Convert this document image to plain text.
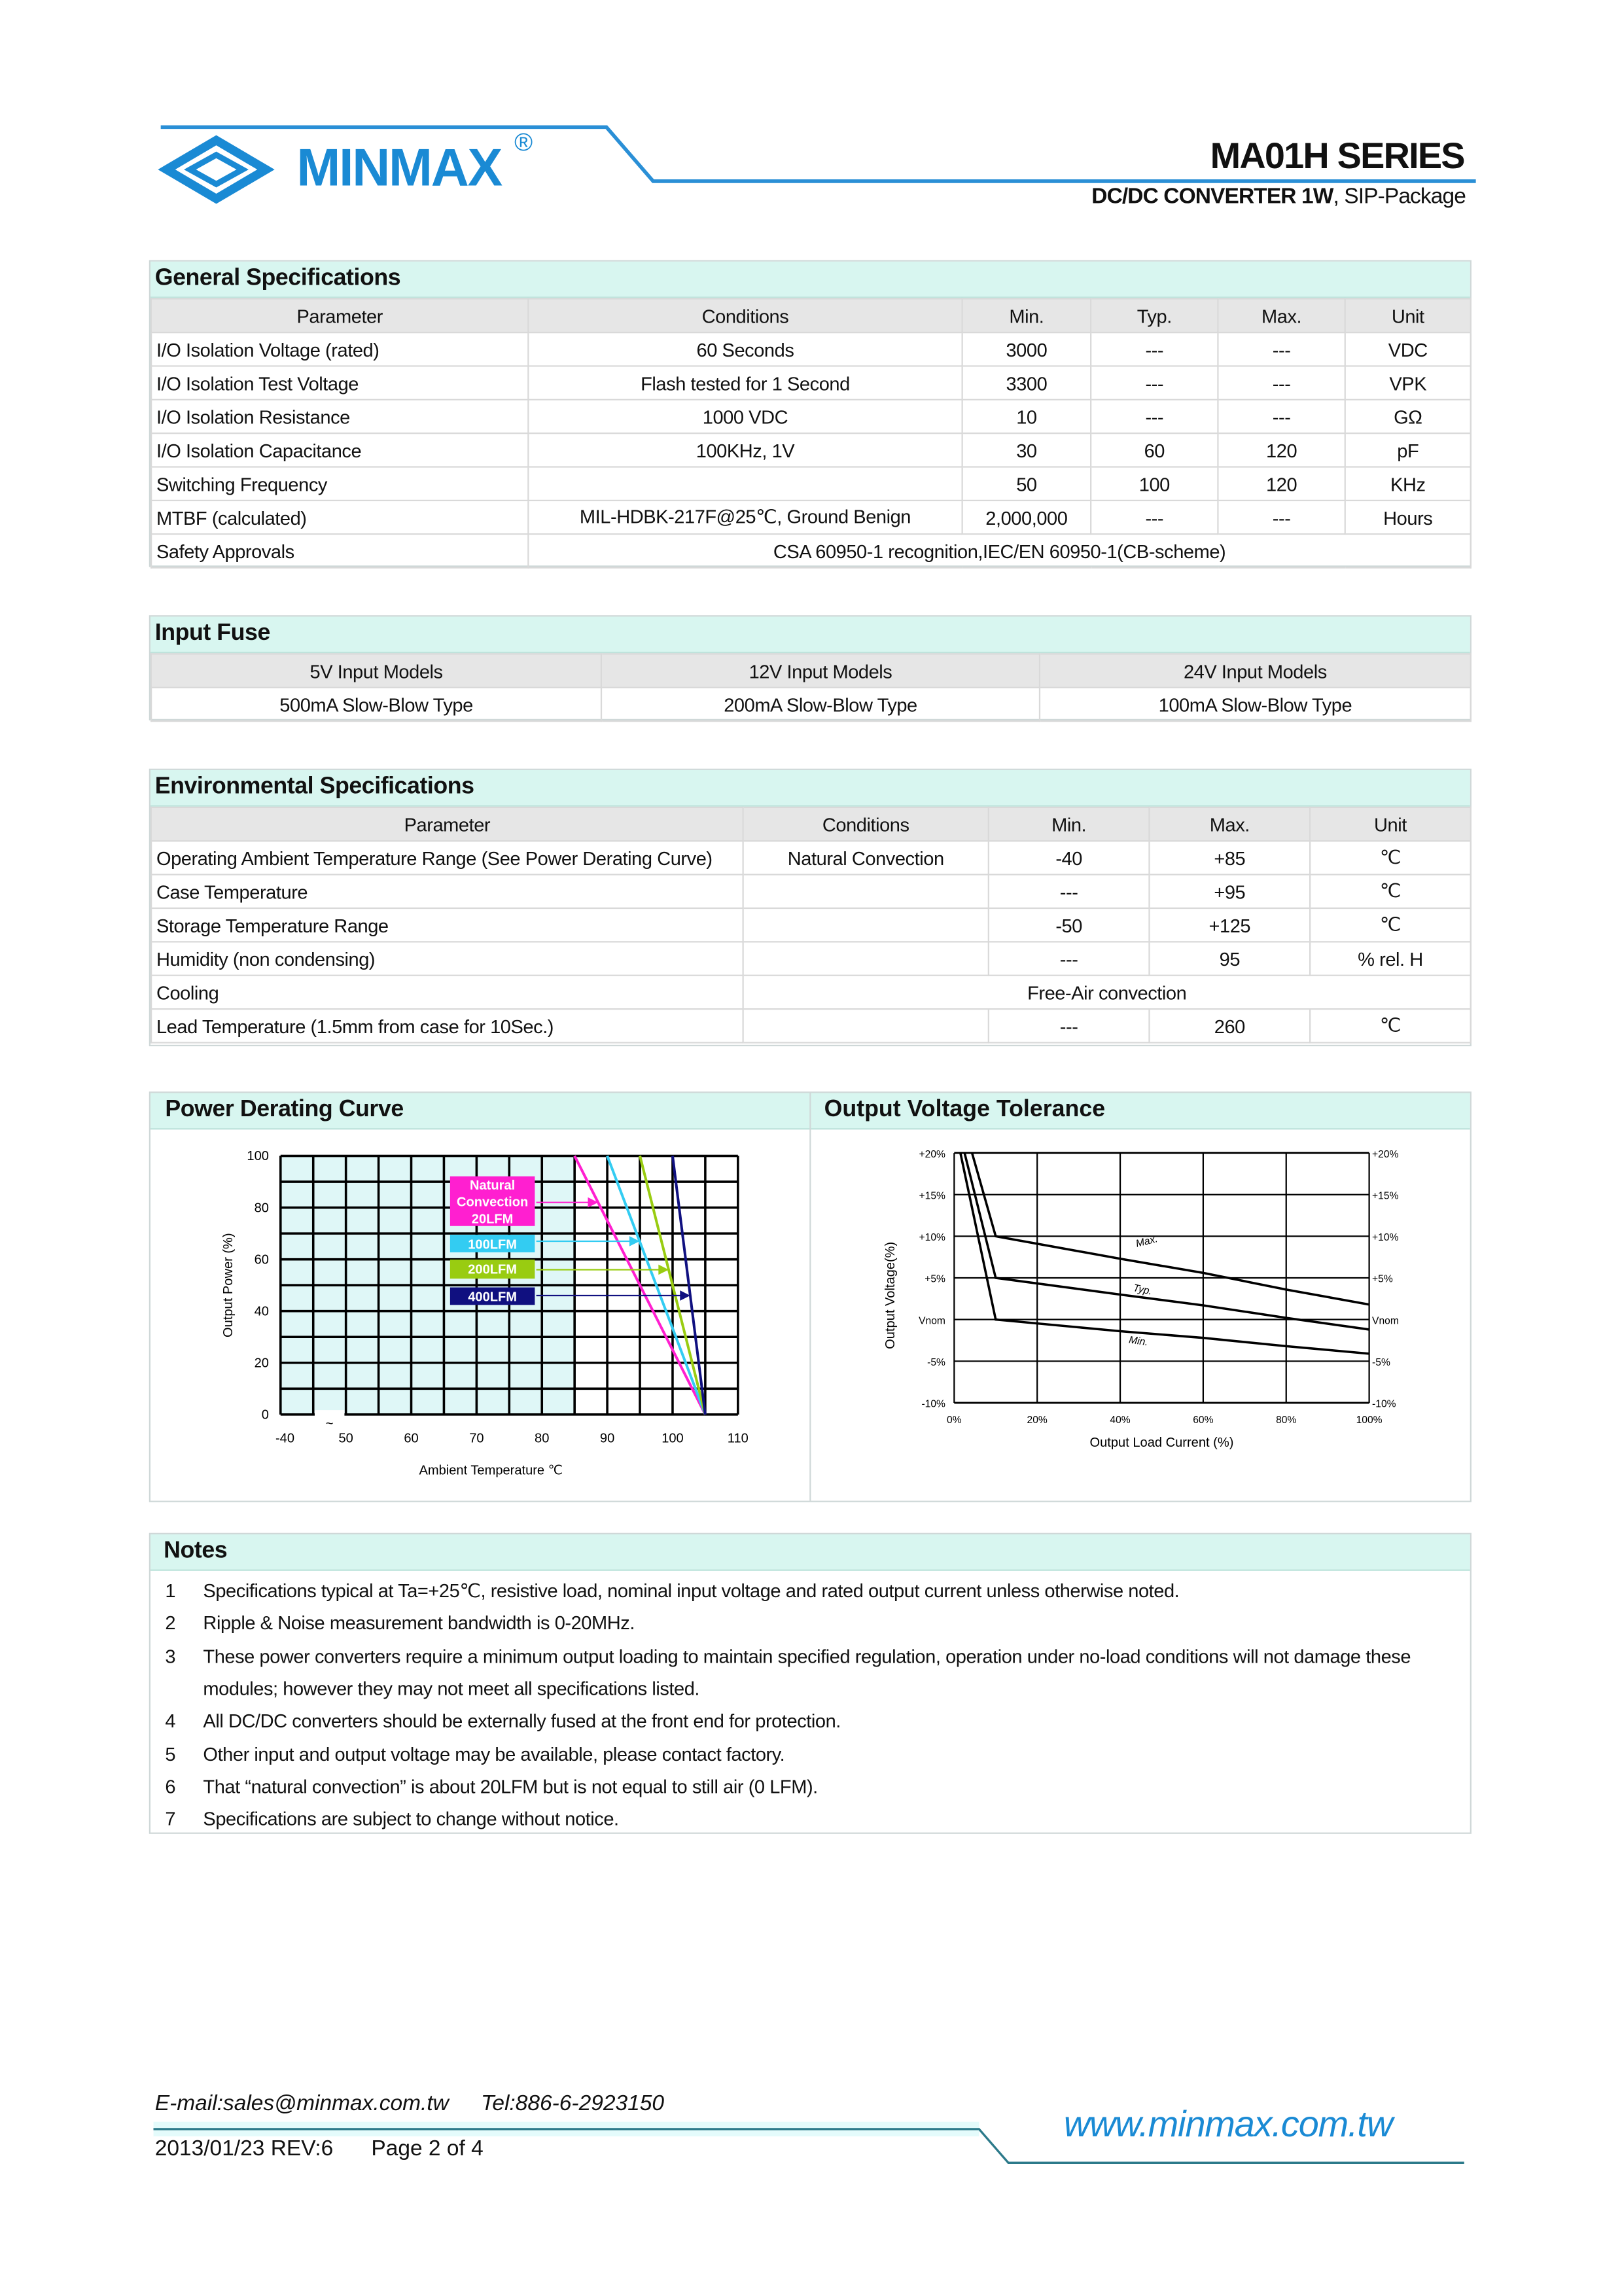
MINMAX ®	MA01H SERIES
DC/DC CONVERTER 1W, SIP-Package
General Specifications
Parameter	Conditions	Min.	Typ.	Max.	Unit
I/O Isolation Voltage (rated)	60 Seconds	3000	---	---	VDC
I/O Isolation Test Voltage	Flash tested for 1 Second	3300	---	---	VPK
I/O Isolation Resistance	1000 VDC	10	---	---	GΩ
I/O Isolation Capacitance	100KHz, 1V	30	60	120	pF
Switching Frequency		50	100	120	KHz
MTBF (calculated)	MIL-HDBK-217F@25℃, Ground Benign	2,000,000	---	---	Hours
Safety Approvals	CSA 60950-1 recognition,IEC/EN 60950-1(CB-scheme)				
Input Fuse
5V Input Models	12V Input Models	24V Input Models
500mA Slow-Blow Type	200mA Slow-Blow Type	100mA Slow-Blow Type
Environmental Specifications
Parameter	Conditions	Min.	Max.	Unit
Operating Ambient Temperature Range (See Power Derating Curve)	Natural Convection	-40	+85	℃
Case Temperature		---	+95	℃
Storage Temperature Range		-50	+125	℃
Humidity (non condensing)		---	95	% rel. H
Cooling	Free-Air convection			
Lead Temperature (1.5mm from case for 10Sec.)		---	260	℃
Power Derating Curve	Output Voltage Tolerance
~
Natural
Convection
20LFM
100LFM
200LFM
400LFM
0
20
40
60
80
100
-40	50	60	70	80	90	100	110
Ambient Temperature ℃
Output Power (%)	Max.
Typ.
Min.
-10%	-10%
-5%	-5%
Vnom	Vnom
+5%	+5%
+10%	+10%
+15%	+15%
+20%	+20%
0%	20%	40%	60%	80%	100%
Output Load Current (%)
Output Voltage(%)
Notes
1	Specifications typical at Ta=+25℃, resistive load, nominal input voltage and rated output current unless otherwise noted.
2	Ripple & Noise measurement bandwidth is 0-20MHz.
3	These power converters require a minimum output loading to maintain specified regulation, operation under no-load conditions will not damage these modules; however they may not meet all specifications listed.
4	All DC/DC converters should be externally fused at the front end for protection.
5	Other input and output voltage may be available, please contact factory.
6	That “natural convection” is about 20LFM but is not equal to still air (0 LFM).
7	Specifications are subject to change without notice.
E-mail:sales@minmax.com.tw	Tel:886-6-2923150
2013/01/23 REV:6	Page 2 of 4
www.minmax.com.tw
